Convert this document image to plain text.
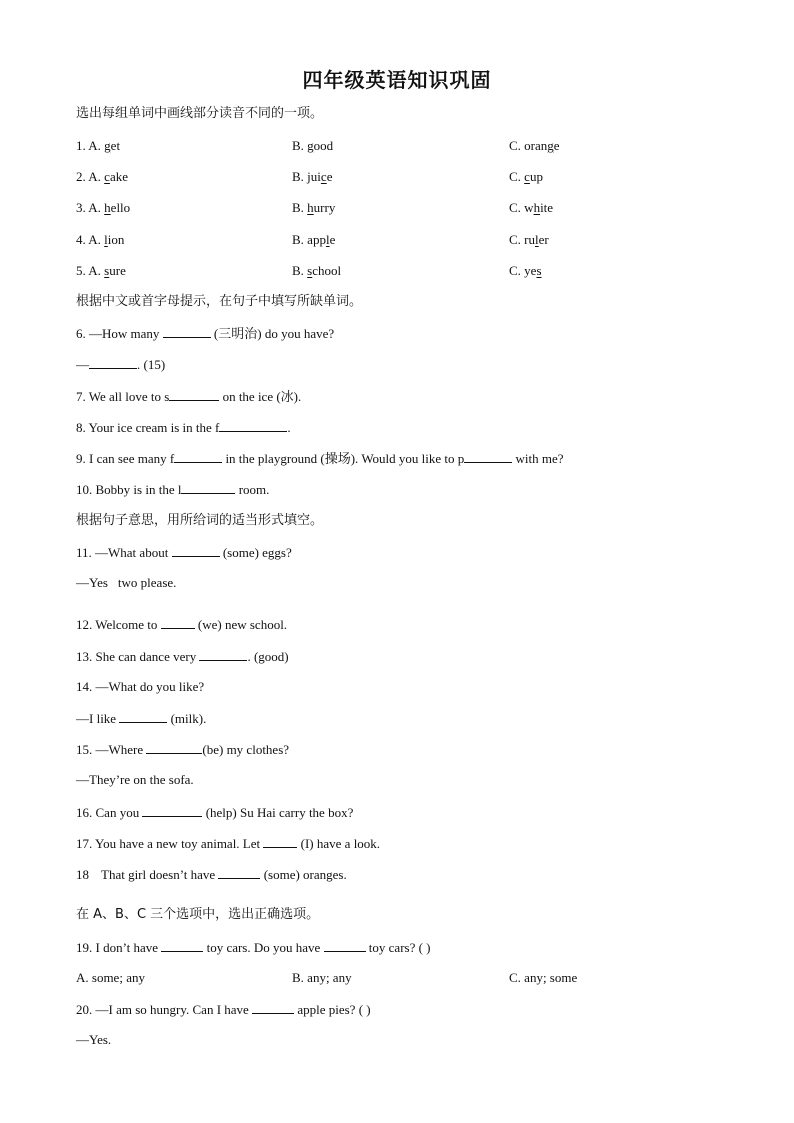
四年级英语知识巩固
选出每组单词中画线部分读音不同的一项。
1. A. get	B. good	C. orange
2. A. cake	B. juice	C. cup
3. A. hello	B. hurry	C. white
4. A. lion	B. apple	C. ruler
5. A. sure	B. school	C. yes
根据中文或首字母提示，在句子中填写所缺单词。
6. —How many	(三明治) do you have?
—	. (15)
7. We all love to s	on the ice (冰).
8. Your ice cream is in the f	.
9. I can see many f	in the playground (操场). Would you like to p	with me?
10. Bobby is in the l	room.
根据句子意思，用所给词的适当形式填空。
11. —What about	(some) eggs?
—Yes two please.
12. Welcome to	(we) new school.
13. She can dance very	. (good)
14. —What do you like?
—I like	(milk).
15. —Where	(be) my clothes?
—They’re on the sofa.
16. Can you	(help) Su Hai carry the box?
17. You have a new toy animal. Let	(I) have a look.
18 That girl doesn’t have	(some) oranges.
在 A、B、C 三个选项中，选出正确选项。
19. I don’t have	toy cars. Do you have	toy cars? ( )
A. some; any	B. any; any	C. any; some
20. —I am so hungry. Can I have	apple pies? ( )
—Yes.
